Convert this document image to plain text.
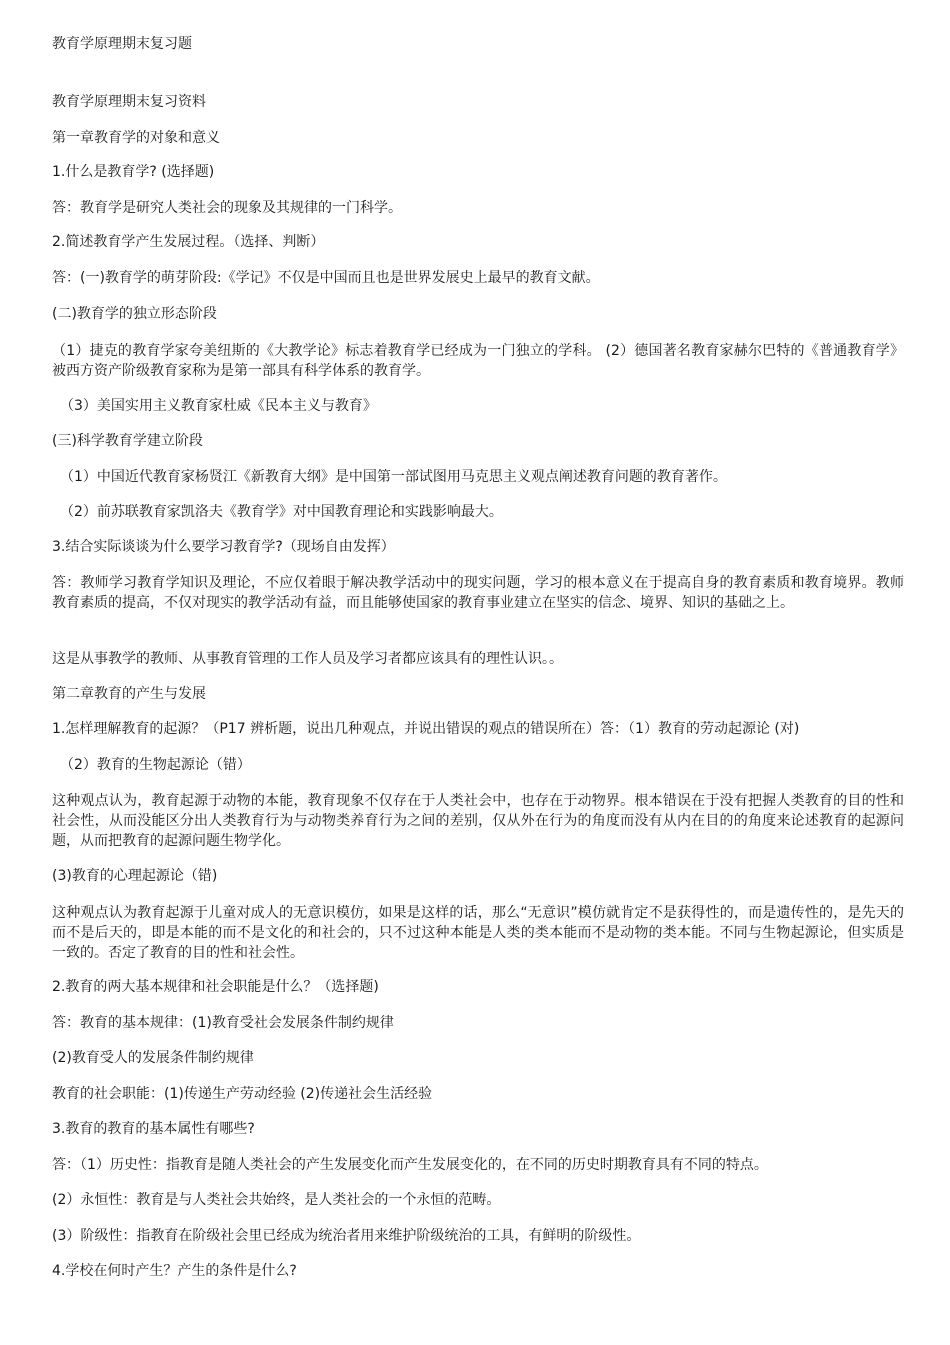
教育学原理期末复习题
教育学原理期末复习资料
第一章教育学的对象和意义
1.什么是教育学? (选择题)
答：教育学是研究人类社会的现象及其规律的一门科学。
2.简述教育学产生发展过程。（选择、判断）
答：(一)教育学的萌芽阶段:《学记》不仅是中国而且也是世界发展史上最早的教育文献。
(二)教育学的独立形态阶段
（1）捷克的教育学家夸美纽斯的《大教学论》标志着教育学已经成为一门独立的学科。 (2）德国著名教育家赫尔巴特的《普通教育学》被西方资产阶级教育家称为是第一部具有科学体系的教育学。
（3）美国实用主义教育家杜威《民本主义与教育》
(三)科学教育学建立阶段
（1）中国近代教育家杨贤江《新教育大纲》是中国第一部试图用马克思主义观点阐述教育问题的教育著作。
（2）前苏联教育家凯洛夫《教育学》对中国教育理论和实践影响最大。
3.结合实际谈谈为什么要学习教育学?（现场自由发挥）
答：教师学习教育学知识及理论，不应仅着眼于解决教学活动中的现实问题，学习的根本意义在于提高自身的教育素质和教育境界。教师教育素质的提高，不仅对现实的教学活动有益，而且能够使国家的教育事业建立在坚实的信念、境界、知识的基础之上。
这是从事教学的教师、从事教育管理的工作人员及学习者都应该具有的理性认识。。
第二章教育的产生与发展
1.怎样理解教育的起源？（P17 辨析题，说出几种观点，并说出错误的观点的错误所在）答：（1）教育的劳动起源论 (对)
（2）教育的生物起源论（错）
这种观点认为，教育起源于动物的本能，教育现象不仅存在于人类社会中，也存在于动物界。根本错误在于没有把握人类教育的目的性和社会性，从而没能区分出人类教育行为与动物类养育行为之间的差别，仅从外在行为的角度而没有从内在目的的角度来论述教育的起源问题，从而把教育的起源问题生物学化。
(3)教育的心理起源论（错)
这种观点认为教育起源于儿童对成人的无意识模仿，如果是这样的话，那么“无意识”模仿就肯定不是获得性的，而是遗传性的，是先天的而不是后天的，即是本能的而不是文化的和社会的，只不过这种本能是人类的类本能而不是动物的类本能。不同与生物起源论，但实质是一致的。否定了教育的目的性和社会性。
2.教育的两大基本规律和社会职能是什么？（选择题)
答：教育的基本规律：(1)教育受社会发展条件制约规律
(2)教育受人的发展条件制约规律
教育的社会职能：(1)传递生产劳动经验 (2)传递社会生活经验
3.教育的教育的基本属性有哪些?
答：（1）历史性：指教育是随人类社会的产生发展变化而产生发展变化的，在不同的历史时期教育具有不同的特点。
(2）永恒性：教育是与人类社会共始终，是人类社会的一个永恒的范畴。
(3）阶级性：指教育在阶级社会里已经成为统治者用来维护阶级统治的工具，有鲜明的阶级性。
4.学校在何时产生？产生的条件是什么?
